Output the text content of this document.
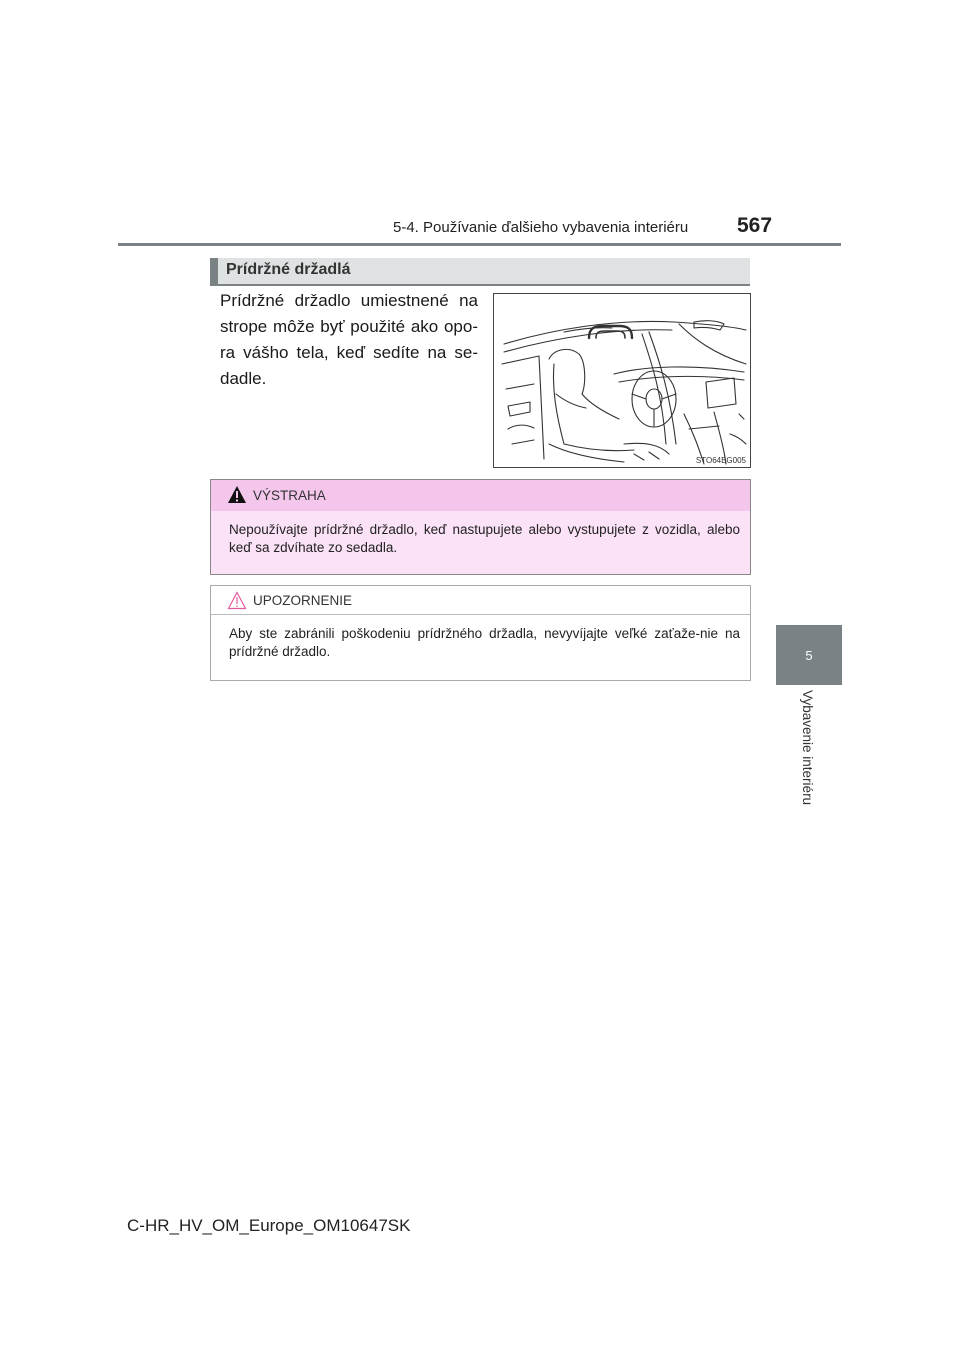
5-4. Používanie ďalšieho vybavenia interiéru 567
5
Vybavenie interiéru
Prídržné držadlá
Prídržné držadlo umiestnené na strope môže byť použité ako opo-ra vášho tela, keď sedíte na se-dadle.
STO64BG005
VÝSTRAHA
Nepoužívajte prídržné držadlo, keď nastupujete alebo vystupujete z vozidla, alebo keď sa zdvíhate zo sedadla.
UPOZORNENIE
Aby ste zabránili poškodeniu prídržného držadla, nevyvíjajte veľké zaťaže-nie na prídržné držadlo.
C-HR_HV_OM_Europe_OM10647SK
